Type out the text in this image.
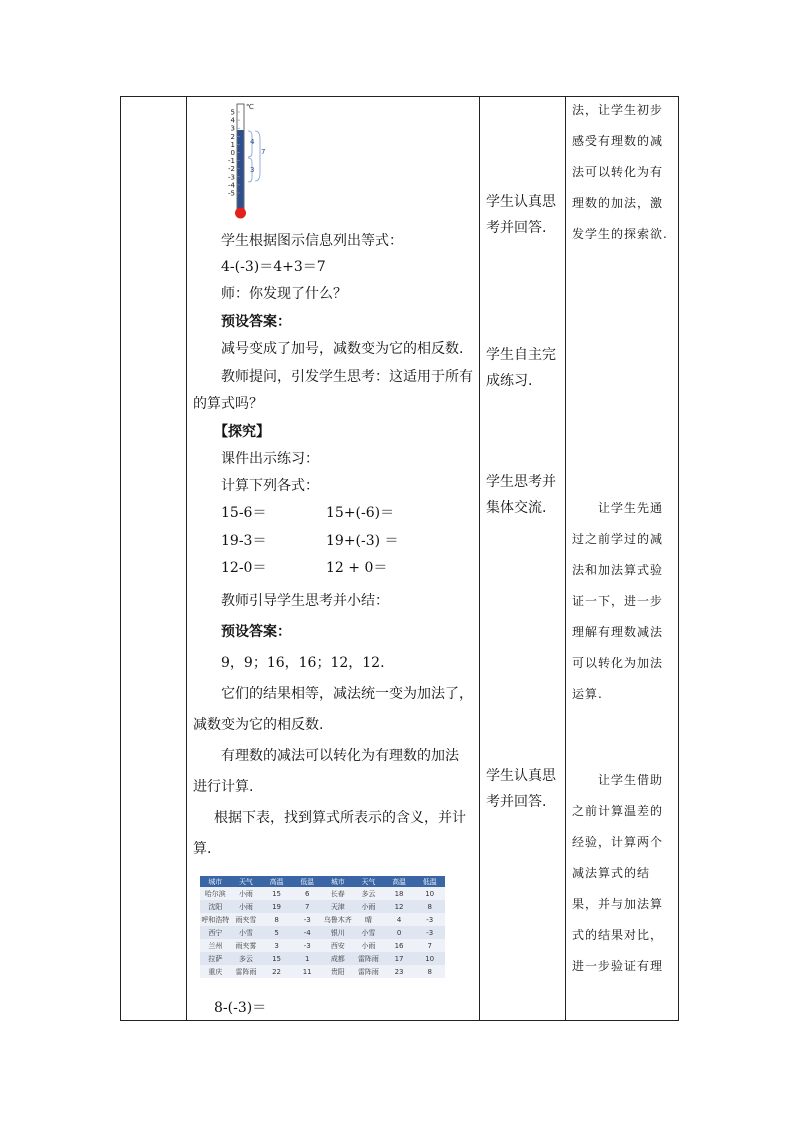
5
4
3
2
1
0
-1
-2
-3
-4
-5
℃
4
3
7
学生根据图示信息列出等式：
4-(-3)＝4+3＝7
师：你发现了什么？
预设答案：
减号变成了加号，减数变为它的相反数.
教师提问，引发学生思考：这适用于所有
的算式吗？
【探究】
课件出示练习：
计算下列各式：
15-6＝	15+(-6)＝
19-3＝	19+(-3) ＝
12-0＝	12 + 0＝
教师引导学生思考并小结：
预设答案：
9，9；16，16；12，12.
它们的结果相等，减法统一变为加法了，
减数变为它的相反数.
有理数的减法可以转化为有理数的加法
进行计算.
根据下表，找到算式所表示的含义，并计
算.
城市	天气	高温	低温	城市	天气	高温	低温
哈尔滨	小雨	15	6	长春	多云	18	10
沈阳	小雨	19	7	天津	小雨	12	8
呼和浩特	雨夹雪	8	-3	乌鲁木齐	晴	4	-3
西宁	小雪	5	-4	银川	小雪	0	-3
兰州	雨夹雾	3	-3	西安	小雨	16	7
拉萨	多云	15	1	成都	雷阵雨	17	10
重庆	雷阵雨	22	11	贵阳	雷阵雨	23	8
8-(-3)＝
学生认真思
考并回答.
学生自主完
成练习.
学生思考并
集体交流.
学生认真思
考并回答.
法，让学生初步
感受有理数的减
法可以转化为有
理数的加法，激
发学生的探索欲.
让学生先通
过之前学过的减
法和加法算式验
证一下，进一步
理解有理数减法
可以转化为加法
运算.
让学生借助
之前计算温差的
经验，计算两个
减法算式的结
果，并与加法算
式的结果对比，
进一步验证有理
